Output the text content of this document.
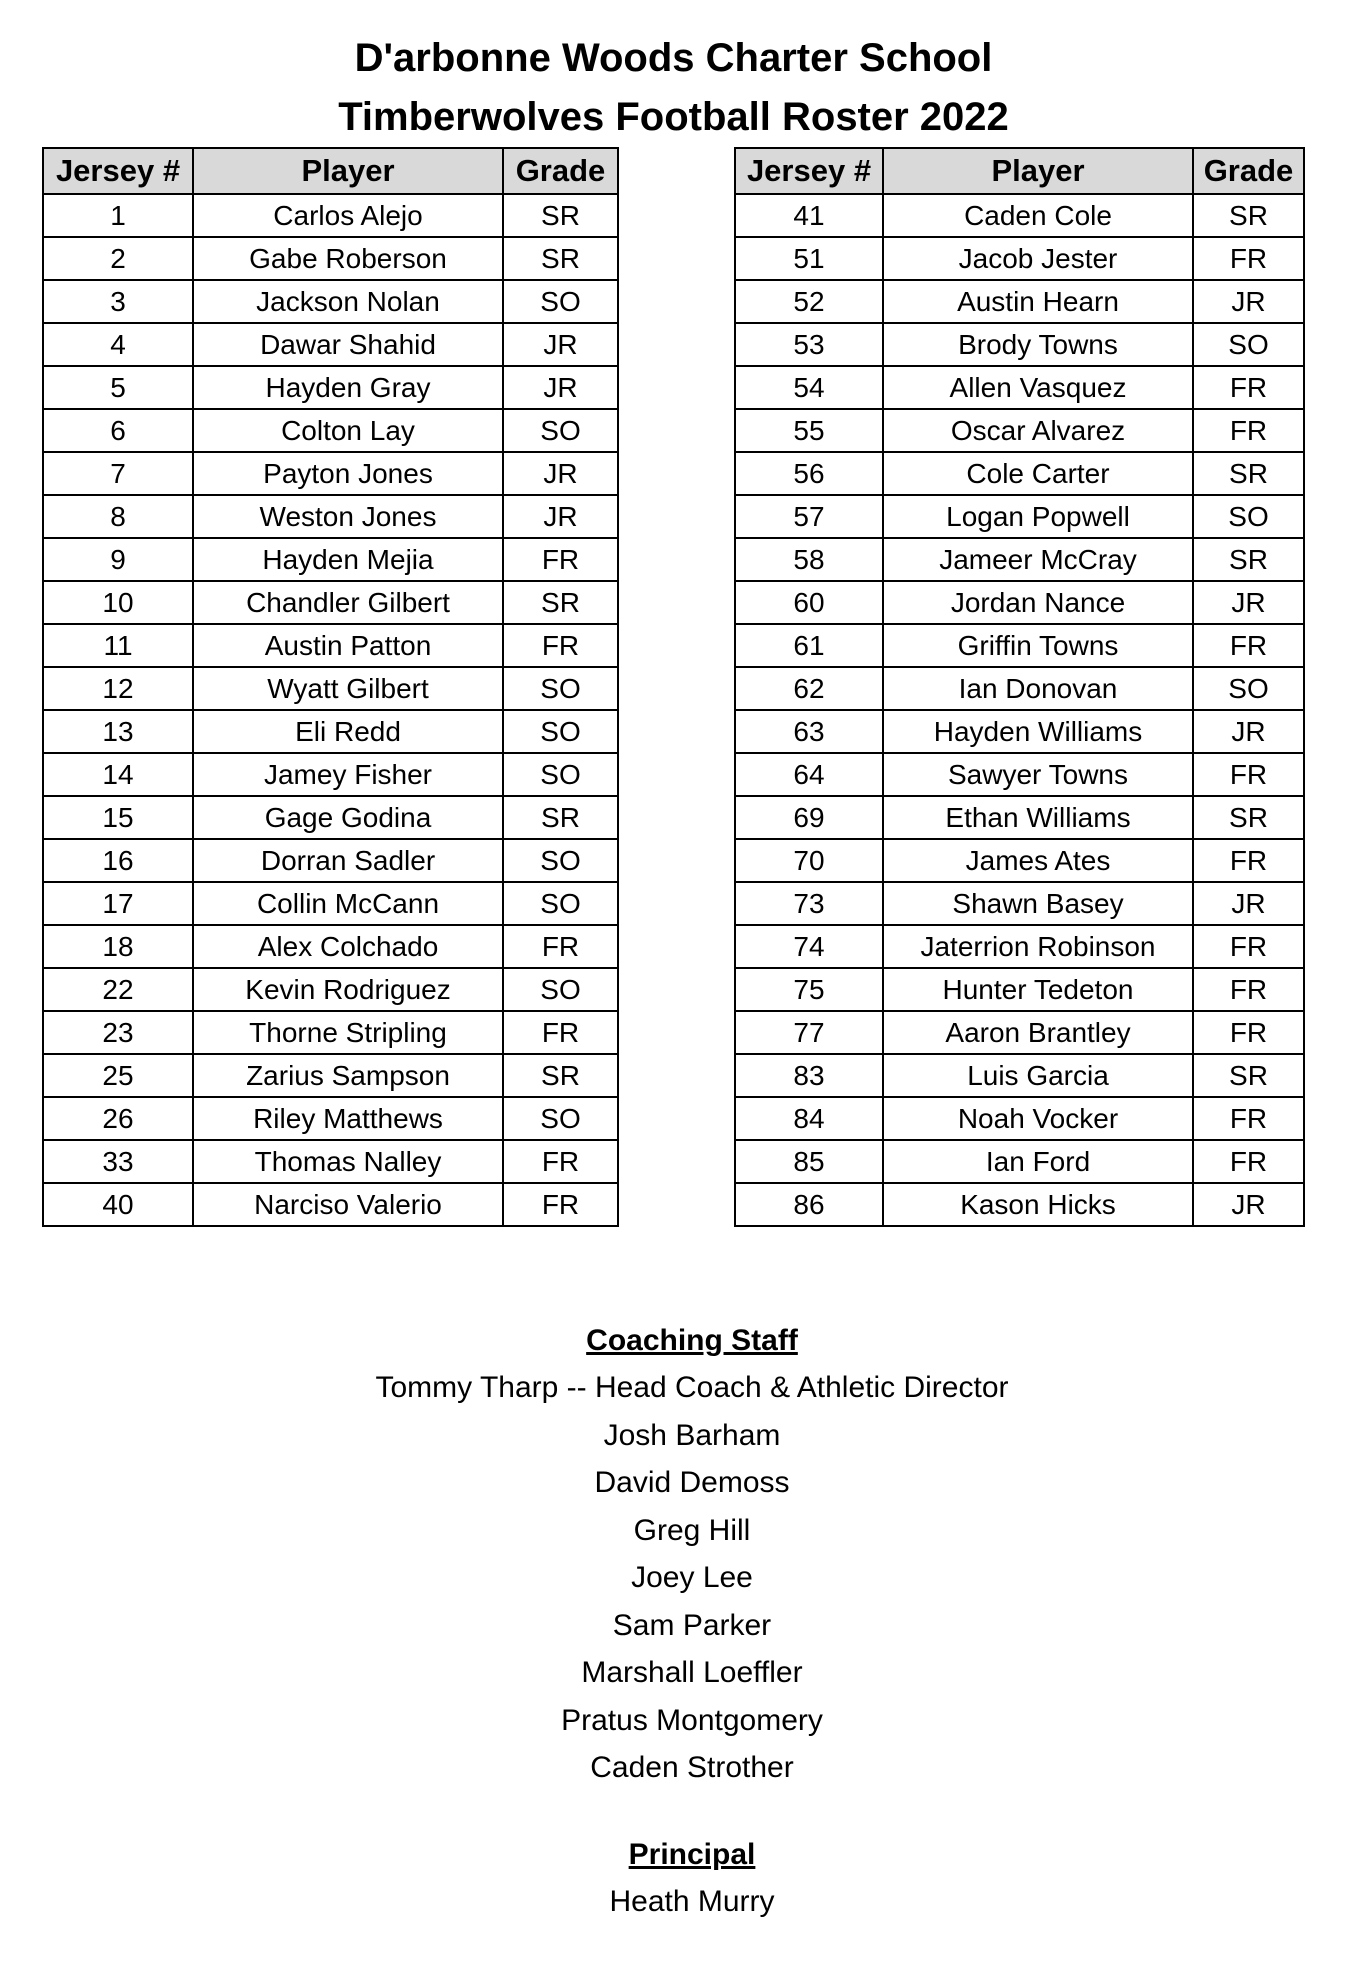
D'arbonne Woods Charter School
Timberwolves Football Roster 2022
Jersey #	Player	Grade
1	Carlos Alejo	SR
2	Gabe Roberson	SR
3	Jackson Nolan	SO
4	Dawar Shahid	JR
5	Hayden Gray	JR
6	Colton Lay	SO
7	Payton Jones	JR
8	Weston Jones	JR
9	Hayden Mejia	FR
10	Chandler Gilbert	SR
11	Austin Patton	FR
12	Wyatt Gilbert	SO
13	Eli Redd	SO
14	Jamey Fisher	SO
15	Gage Godina	SR
16	Dorran Sadler	SO
17	Collin McCann	SO
18	Alex Colchado	FR
22	Kevin Rodriguez	SO
23	Thorne Stripling	FR
25	Zarius Sampson	SR
26	Riley Matthews	SO
33	Thomas Nalley	FR
40	Narciso Valerio	FR
Jersey #	Player	Grade
41	Caden Cole	SR
51	Jacob Jester	FR
52	Austin Hearn	JR
53	Brody Towns	SO
54	Allen Vasquez	FR
55	Oscar Alvarez	FR
56	Cole Carter	SR
57	Logan Popwell	SO
58	Jameer McCray	SR
60	Jordan Nance	JR
61	Griffin Towns	FR
62	Ian Donovan	SO
63	Hayden Williams	JR
64	Sawyer Towns	FR
69	Ethan Williams	SR
70	James Ates	FR
73	Shawn Basey	JR
74	Jaterrion Robinson	FR
75	Hunter Tedeton	FR
77	Aaron Brantley	FR
83	Luis Garcia	SR
84	Noah Vocker	FR
85	Ian Ford	FR
86	Kason Hicks	JR
Coaching Staff
Tommy Tharp -- Head Coach & Athletic Director
Josh Barham
David Demoss
Greg Hill
Joey Lee
Sam Parker
Marshall Loeffler
Pratus Montgomery
Caden Strother
Principal
Heath Murry
